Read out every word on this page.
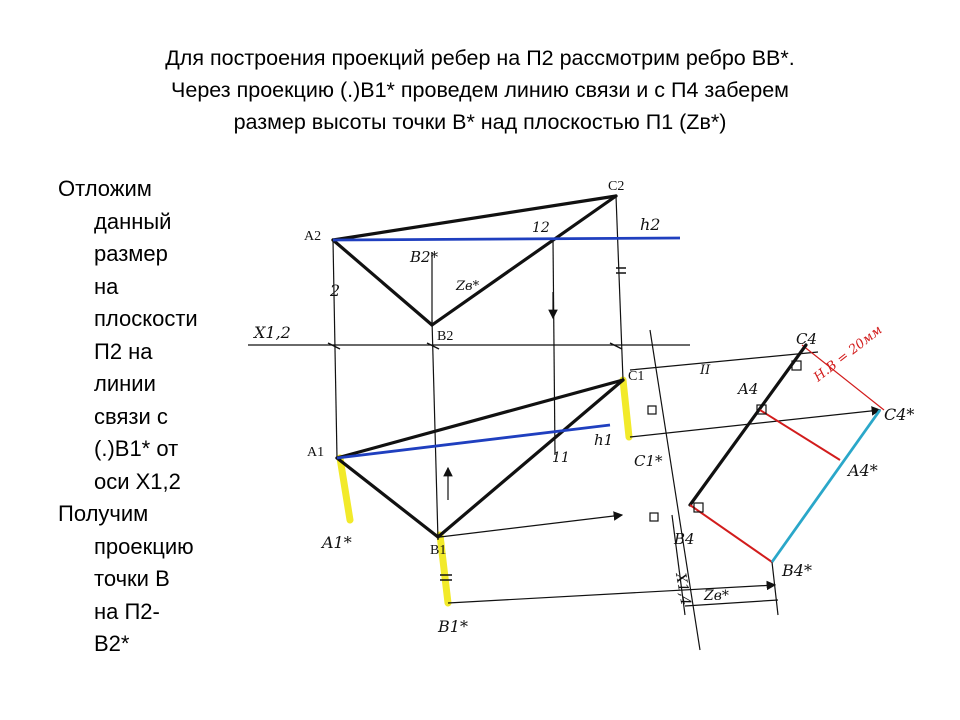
Для построения проекций ребер на П2 рассмотрим ребро ВВ*.
Через проекцию (.)В1* проведем линию связи и с П4 заберем
размер высоты точки В* над плоскостью П1 (Zв*)
Отложим
данный
размер
на
плоскости
П2 на
линии
связи с
(.)В1* от
оси Х1,2
Получим
проекцию
точки В
на П2-
В2*
A2
C2
B2
B2*
12	h2
Zв*
2
X1,2
A1
B1
C1
11
h1
A1*
B1*
C1*
C4
A4
B4
C4*
A4*
B4*
Zв*
II	Н.В = 20мм
X1,4
